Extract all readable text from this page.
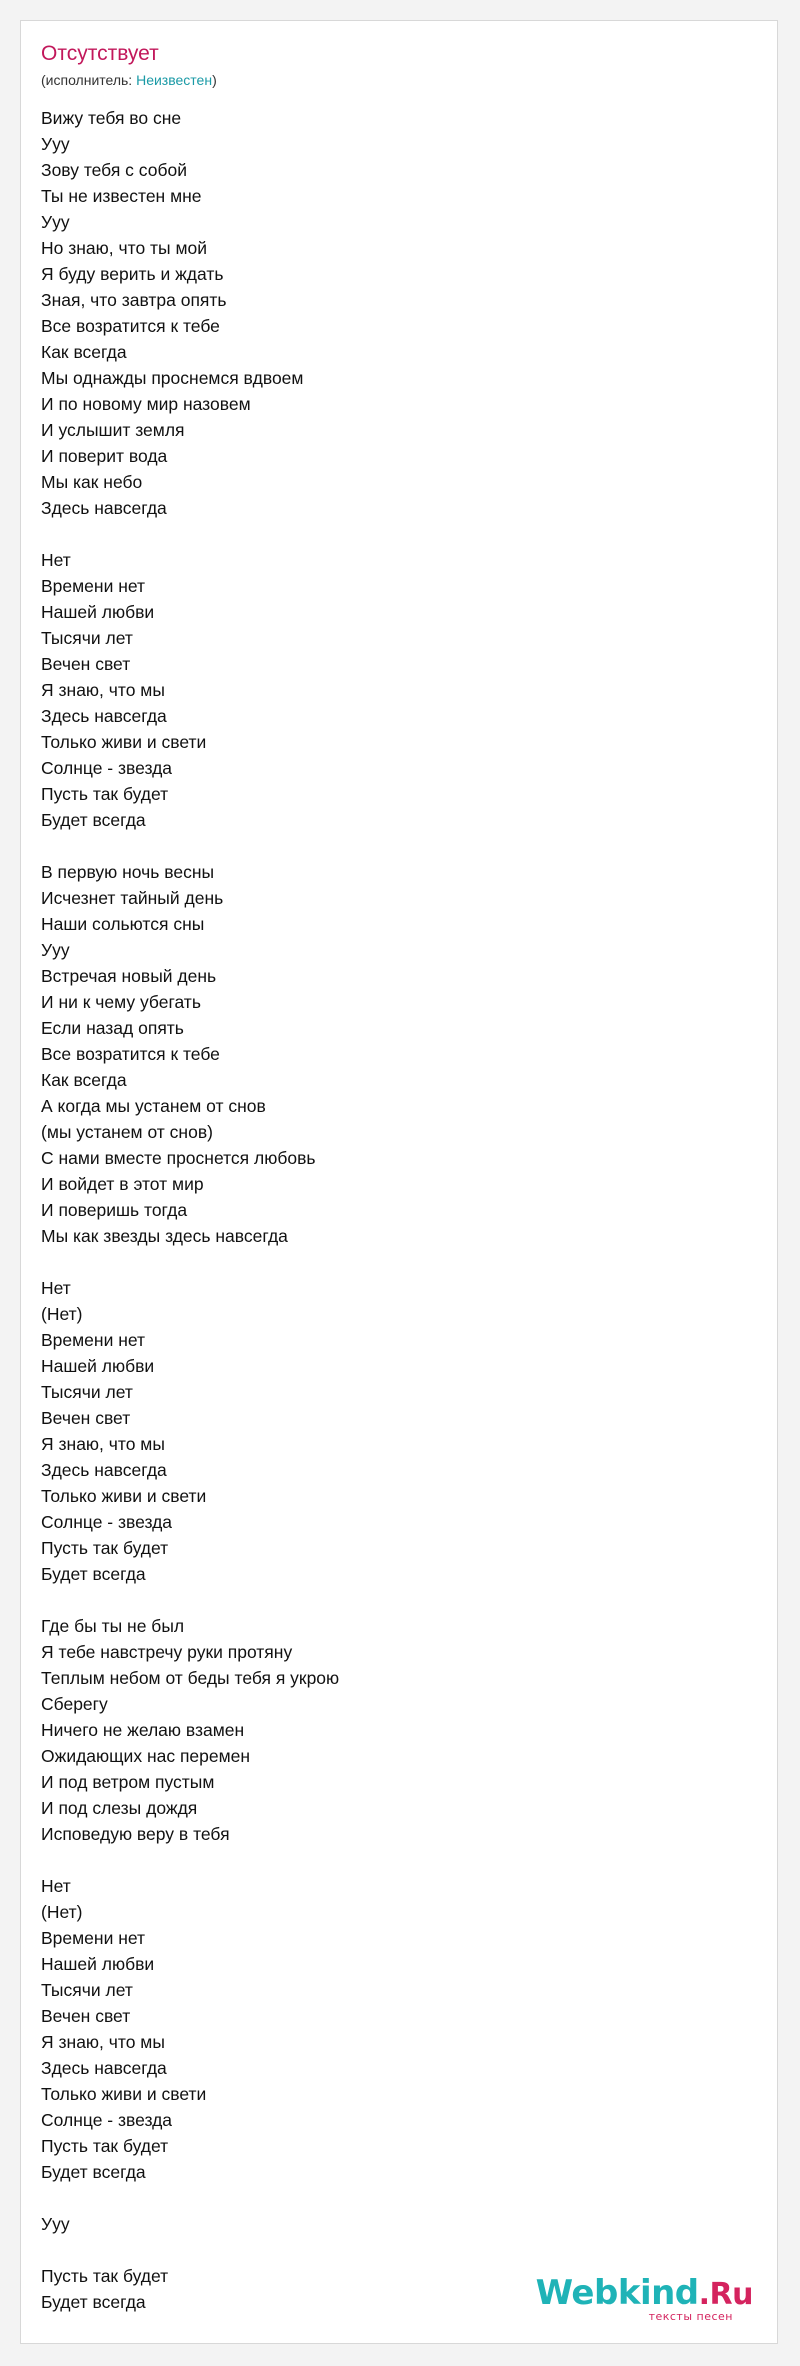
Отсутствует
(исполнитель: Неизвестен)
Вижу тебя во сне
Ууу
Зову тебя с собой
Ты не известен мне
Ууу
Но знаю, что ты мой
Я буду верить и ждать
Зная, что завтра опять
Все возратится к тебе
Как всегда
Мы однажды проснемся вдвоем
И по новому мир назовем
И услышит земля
И поверит вода
Мы как небо
Здесь навсегда
Нет
Времени нет
Нашей любви
Тысячи лет
Вечен свет
Я знаю, что мы
Здесь навсегда
Только живи и свети
Солнце - звезда
Пусть так будет
Будет всегда
В первую ночь весны
Исчезнет тайный день
Наши сольются сны
Ууу
Встречая новый день
И ни к чему убегать
Если назад опять
Все возратится к тебе
Как всегда
А когда мы устанем от снов
(мы устанем от снов)
С нами вместе проснется любовь
И войдет в этот мир
И поверишь тогда
Мы как звезды здесь навсегда
Нет
(Нет)
Времени нет
Нашей любви
Тысячи лет
Вечен свет
Я знаю, что мы
Здесь навсегда
Только живи и свети
Солнце - звезда
Пусть так будет
Будет всегда
Где бы ты не был
Я тебе навстречу руки протяну
Теплым небом от беды тебя я укрою
Сберегу
Ничего не желаю взамен
Ожидающих нас перемен
И под ветром пустым
И под слезы дождя
Исповедую веру в тебя
Нет
(Нет)
Времени нет
Нашей любви
Тысячи лет
Вечен свет
Я знаю, что мы
Здесь навсегда
Только живи и свети
Солнце - звезда
Пусть так будет
Будет всегда
Ууу
Пусть так будет
Будет всегда	Webkind.Ru
тексты песен
